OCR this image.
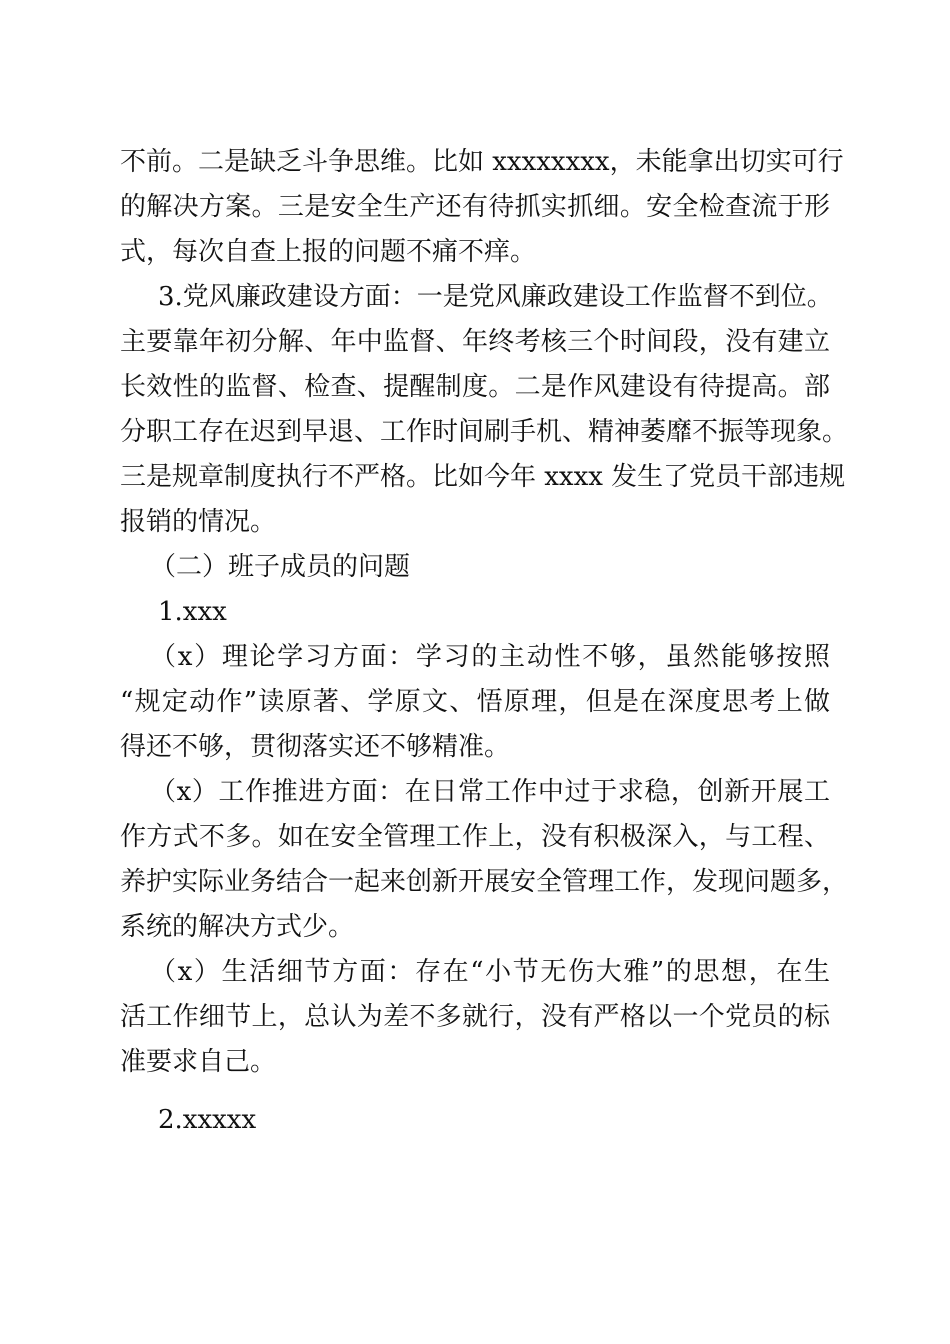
不前。二是缺乏斗争思维。比如 xxxxxxxx，未能拿出切实可行
的解决方案。三是安全生产还有待抓实抓细。安全检查流于形
式，每次自查上报的问题不痛不痒。
3.党风廉政建设方面：一是党风廉政建设工作监督不到位。
主要靠年初分解、年中监督、年终考核三个时间段，没有建立
长效性的监督、检查、提醒制度。二是作风建设有待提高。部
分职工存在迟到早退、工作时间刷手机、精神萎靡不振等现象。
三是规章制度执行不严格。比如今年 xxxx 发生了党员干部违规
报销的情况。
（二）班子成员的问题
1.xxx
（x）理论学习方面：学习的主动性不够，虽然能够按照
“规定动作”读原著、学原文、悟原理，但是在深度思考上做
得还不够，贯彻落实还不够精准。
（x）工作推进方面：在日常工作中过于求稳，创新开展工
作方式不多。如在安全管理工作上，没有积极深入，与工程、
养护实际业务结合一起来创新开展安全管理工作，发现问题多，
系统的解决方式少。
（x）生活细节方面：存在“小节无伤大雅”的思想，在生
活工作细节上，总认为差不多就行，没有严格以一个党员的标
准要求自己。
2.xxxxx
